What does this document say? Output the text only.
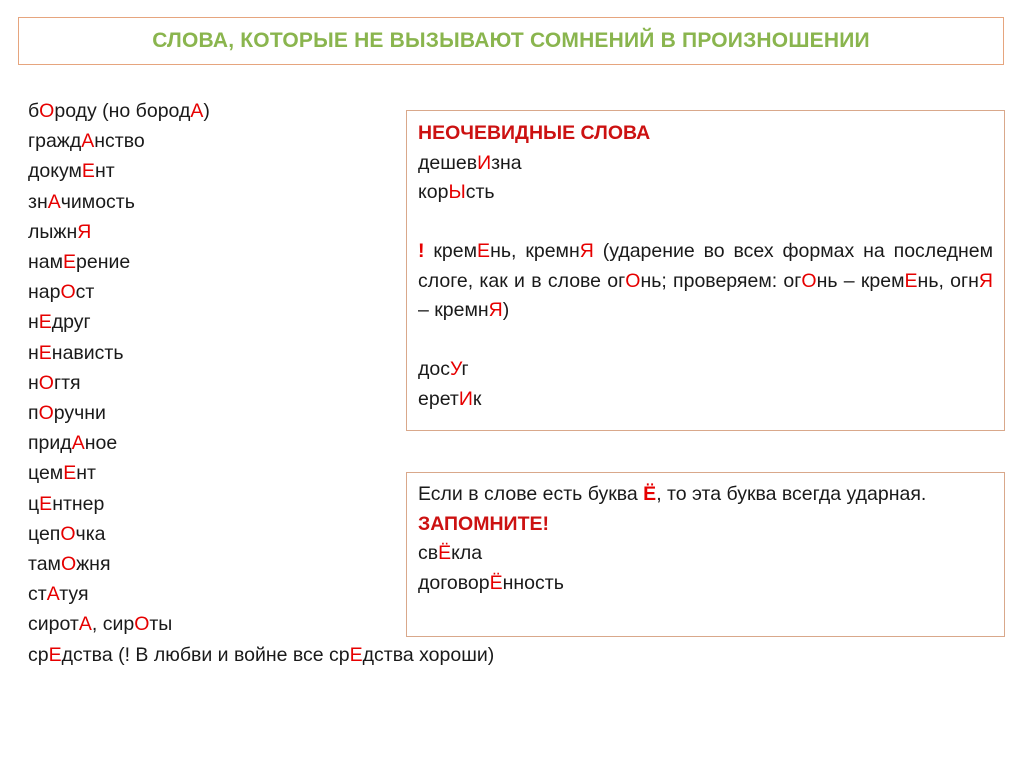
СЛОВА, КОТОРЫЕ НЕ ВЫЗЫВАЮТ СОМНЕНИЙ В ПРОИЗНОШЕНИИ
бОроду (но бородА)
граждАнство
докумЕнт
знАчимость
лыжнЯ
намЕрение
нарОст
нЕдруг
нЕнависть
нОгтя
пОручни
придАное
цемЕнт
цЕнтнер
цепОчка
тамОжня
стАтуя
сиротА, сирОты
срЕдства (! В любви и войне все срЕдства хороши)
НЕОЧЕВИДНЫЕ СЛОВА
дешевИзна
корЫсть
! кремЕнь, кремнЯ (ударение во всех формах на последнем слоге, как и в слове огОнь; проверяем: огОнь – кремЕнь, огнЯ – кремнЯ)
досУг
еретИк
Если в слове есть буква Ё, то эта буква всегда ударная.
ЗАПОМНИТЕ!
свЁкла
договорЁнность
